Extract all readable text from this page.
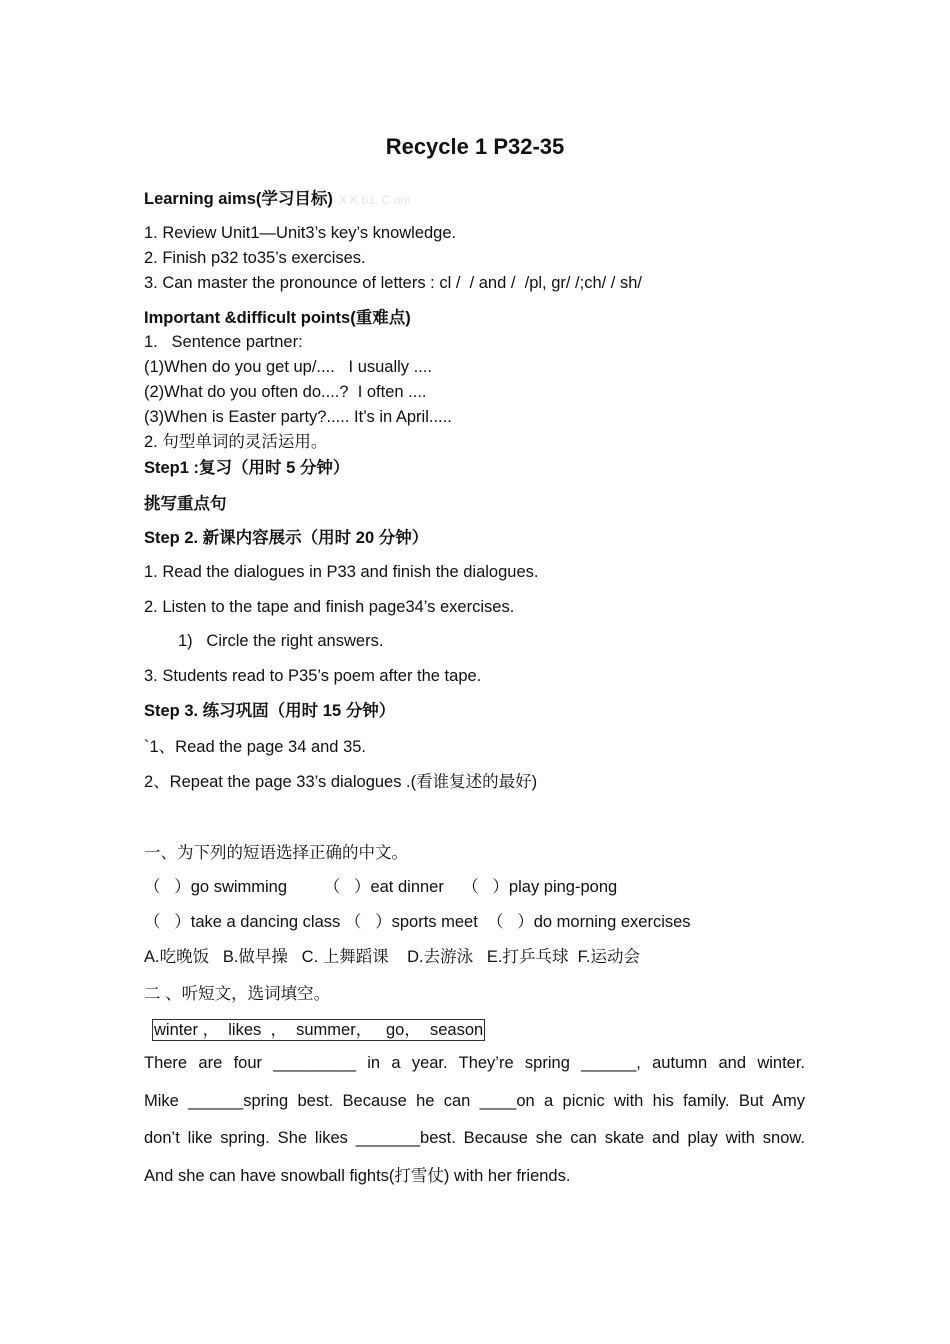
Recycle 1 P32-35
Learning aims(学习目标) X K b1. C om
1. Review Unit1—Unit3’s key’s knowledge.
2. Finish p32 to35’s exercises.
3. Can master the pronounce of letters : cl /  / and /  /pl, gr/ /;ch/ / sh/
Important &difficult points(重难点)
1.   Sentence partner:
(1)When do you get up/....   I usually ....
(2)What do you often do....?  I often ....
(3)When is Easter party?..... It’s in April.....
2. 句型单词的灵活运用。
Step1 :复习（用时 5 分钟）
挑写重点句
Step 2. 新课内容展示（用时 20 分钟）
1. Read the dialogues in P33 and finish the dialogues.
2. Listen to the tape and finish page34’s exercises.
1)   Circle the right answers.
3. Students read to P35’s poem after the tape.
Step 3. 练习巩固（用时 15 分钟）
`1、Read the page 34 and 35.
2、Repeat the page 33’s dialogues .(看谁复述的最好)
一、为下列的短语选择正确的中文。
（   ）go swimming        （   ）eat dinner    （   ）play ping-pong
（   ）take a dancing class （   ）sports meet  （   ）do morning exercises
A.吃晚饭   B.做早操   C. 上舞蹈课    D.去游泳   E.打乒乓球  F.运动会
二 、听短文，选词填空。
winter ，  likes  ，  summer，   go，  season
There are four _________ in a year. They’re spring ______, autumn and winter.
Mike ______spring best. Because he can ____on a picnic with his family. But Amy
don’t like spring. She likes _______best. Because she can skate and play with snow.
And she can have snowball fights(打雪仗) with her friends.
